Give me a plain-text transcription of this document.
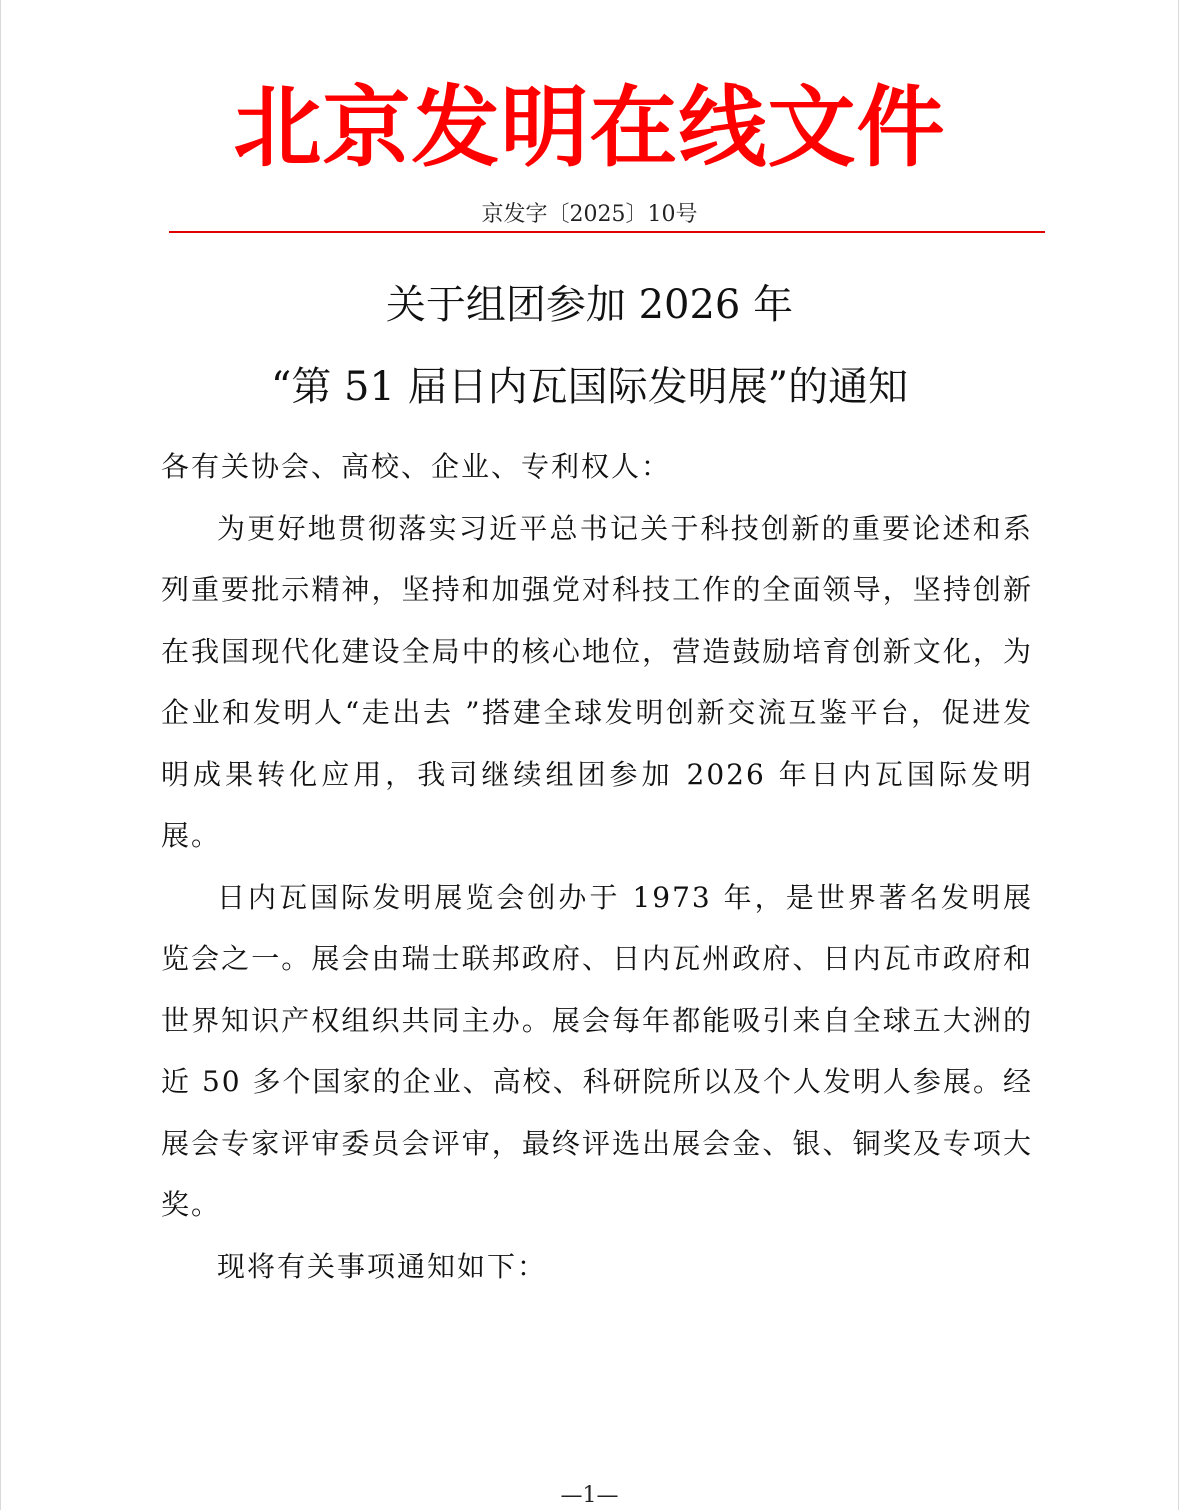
北京发明在线文件
京发字〔2025〕10号
关于组团参加 2026 年
“第 51 届日内瓦国际发明展”的通知

各有关协会、高校、企业、专利权人：

为更好地贯彻落实习近平总书记关于科技创新的重要论述和系列重要批示精神，坚持和加强党对科技工作的全面领导，坚持创新在我国现代化建设全局中的核心地位，营造鼓励培育创新文化，为企业和发明人“走出去 ”搭建全球发明创新交流互鉴平台，促进发明成果转化应用，我司继续组团参加 2026 年日内瓦国际发明展。

日内瓦国际发明展览会创办于 1973 年，是世界著名发明展览会之一。展会由瑞士联邦政府、日内瓦州政府、日内瓦市政府和世界知识产权组织共同主办。展会每年都能吸引来自全球五大洲的近 50 多个国家的企业、高校、科研院所以及个人发明人参展。经展会专家评审委员会评审，最终评选出展会金、银、铜奖及专项大奖。

现将有关事项通知如下：

—1—
